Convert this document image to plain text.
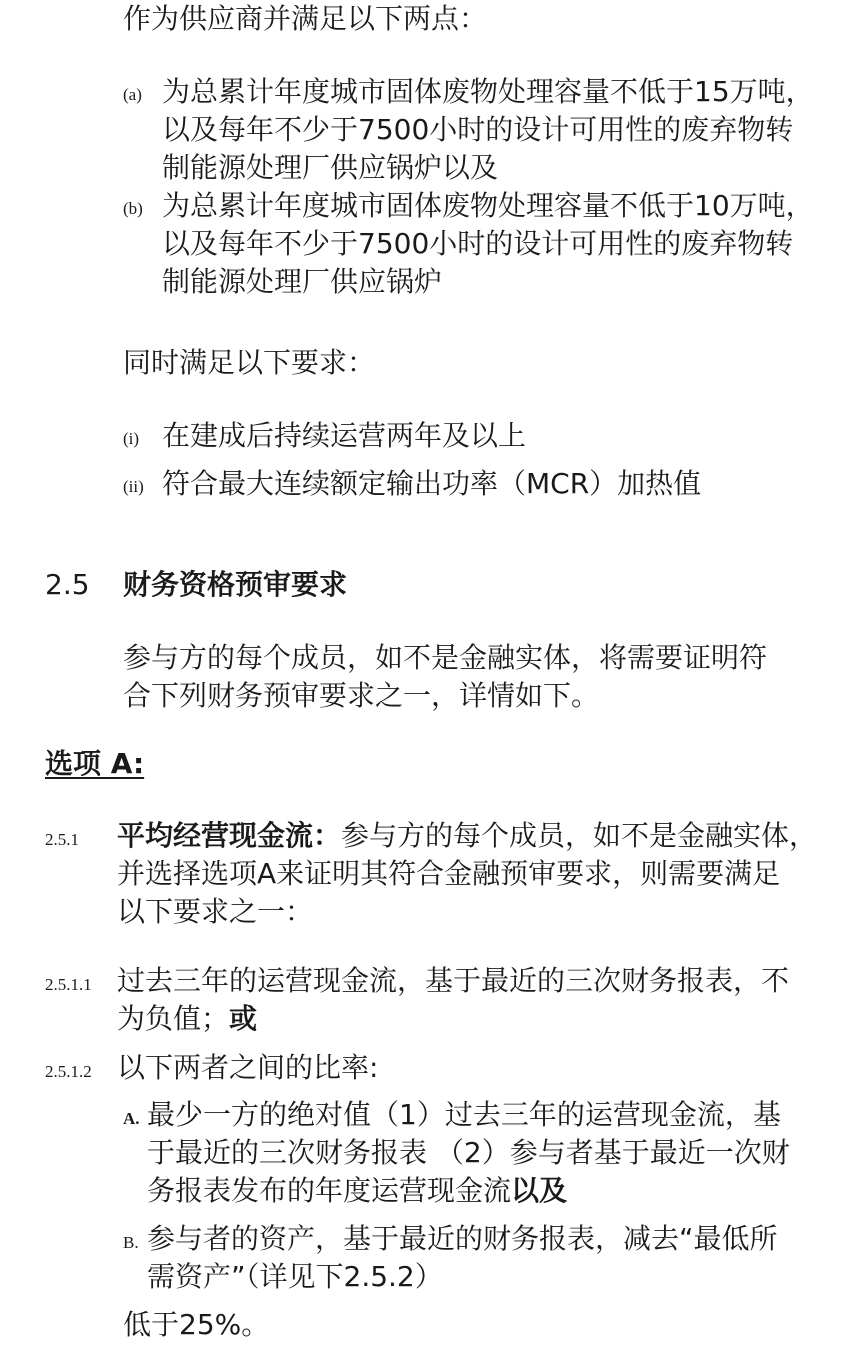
作为供应商并满足以下两点：
(a) 为总累计年度城市固体废物处理容量不低于15万吨，
以及每年不少于7500小时的设计可用性的废弃物转
制能源处理厂供应锅炉以及
(b) 为总累计年度城市固体废物处理容量不低于10万吨，
以及每年不少于7500小时的设计可用性的废弃物转
制能源处理厂供应锅炉
同时满足以下要求：
(i) 在建成后持续运营两年及以上
(ii) 符合最大连续额定输出功率（MCR）加热值
2.5 财务资格预审要求
参与方的每个成员，如不是金融实体，将需要证明符
合下列财务预审要求之一，详情如下。
选项 A:
2.5.1 平均经营现金流：参与方的每个成员，如不是金融实体，
并选择选项A来证明其符合金融预审要求，则需要满足
以下要求之一：
2.5.1.1 过去三年的运营现金流，基于最近的三次财务报表，不
为负值；或
2.5.1.2 以下两者之间的比率:
A. 最少一方的绝对值（1）过去三年的运营现金流，基
于最近的三次财务报表 （2）参与者基于最近一次财
务报表发布的年度运营现金流以及
B. 参与者的资产，基于最近的财务报表，减去“最低所
需资产”（详见下2.5.2）
低于25%。
